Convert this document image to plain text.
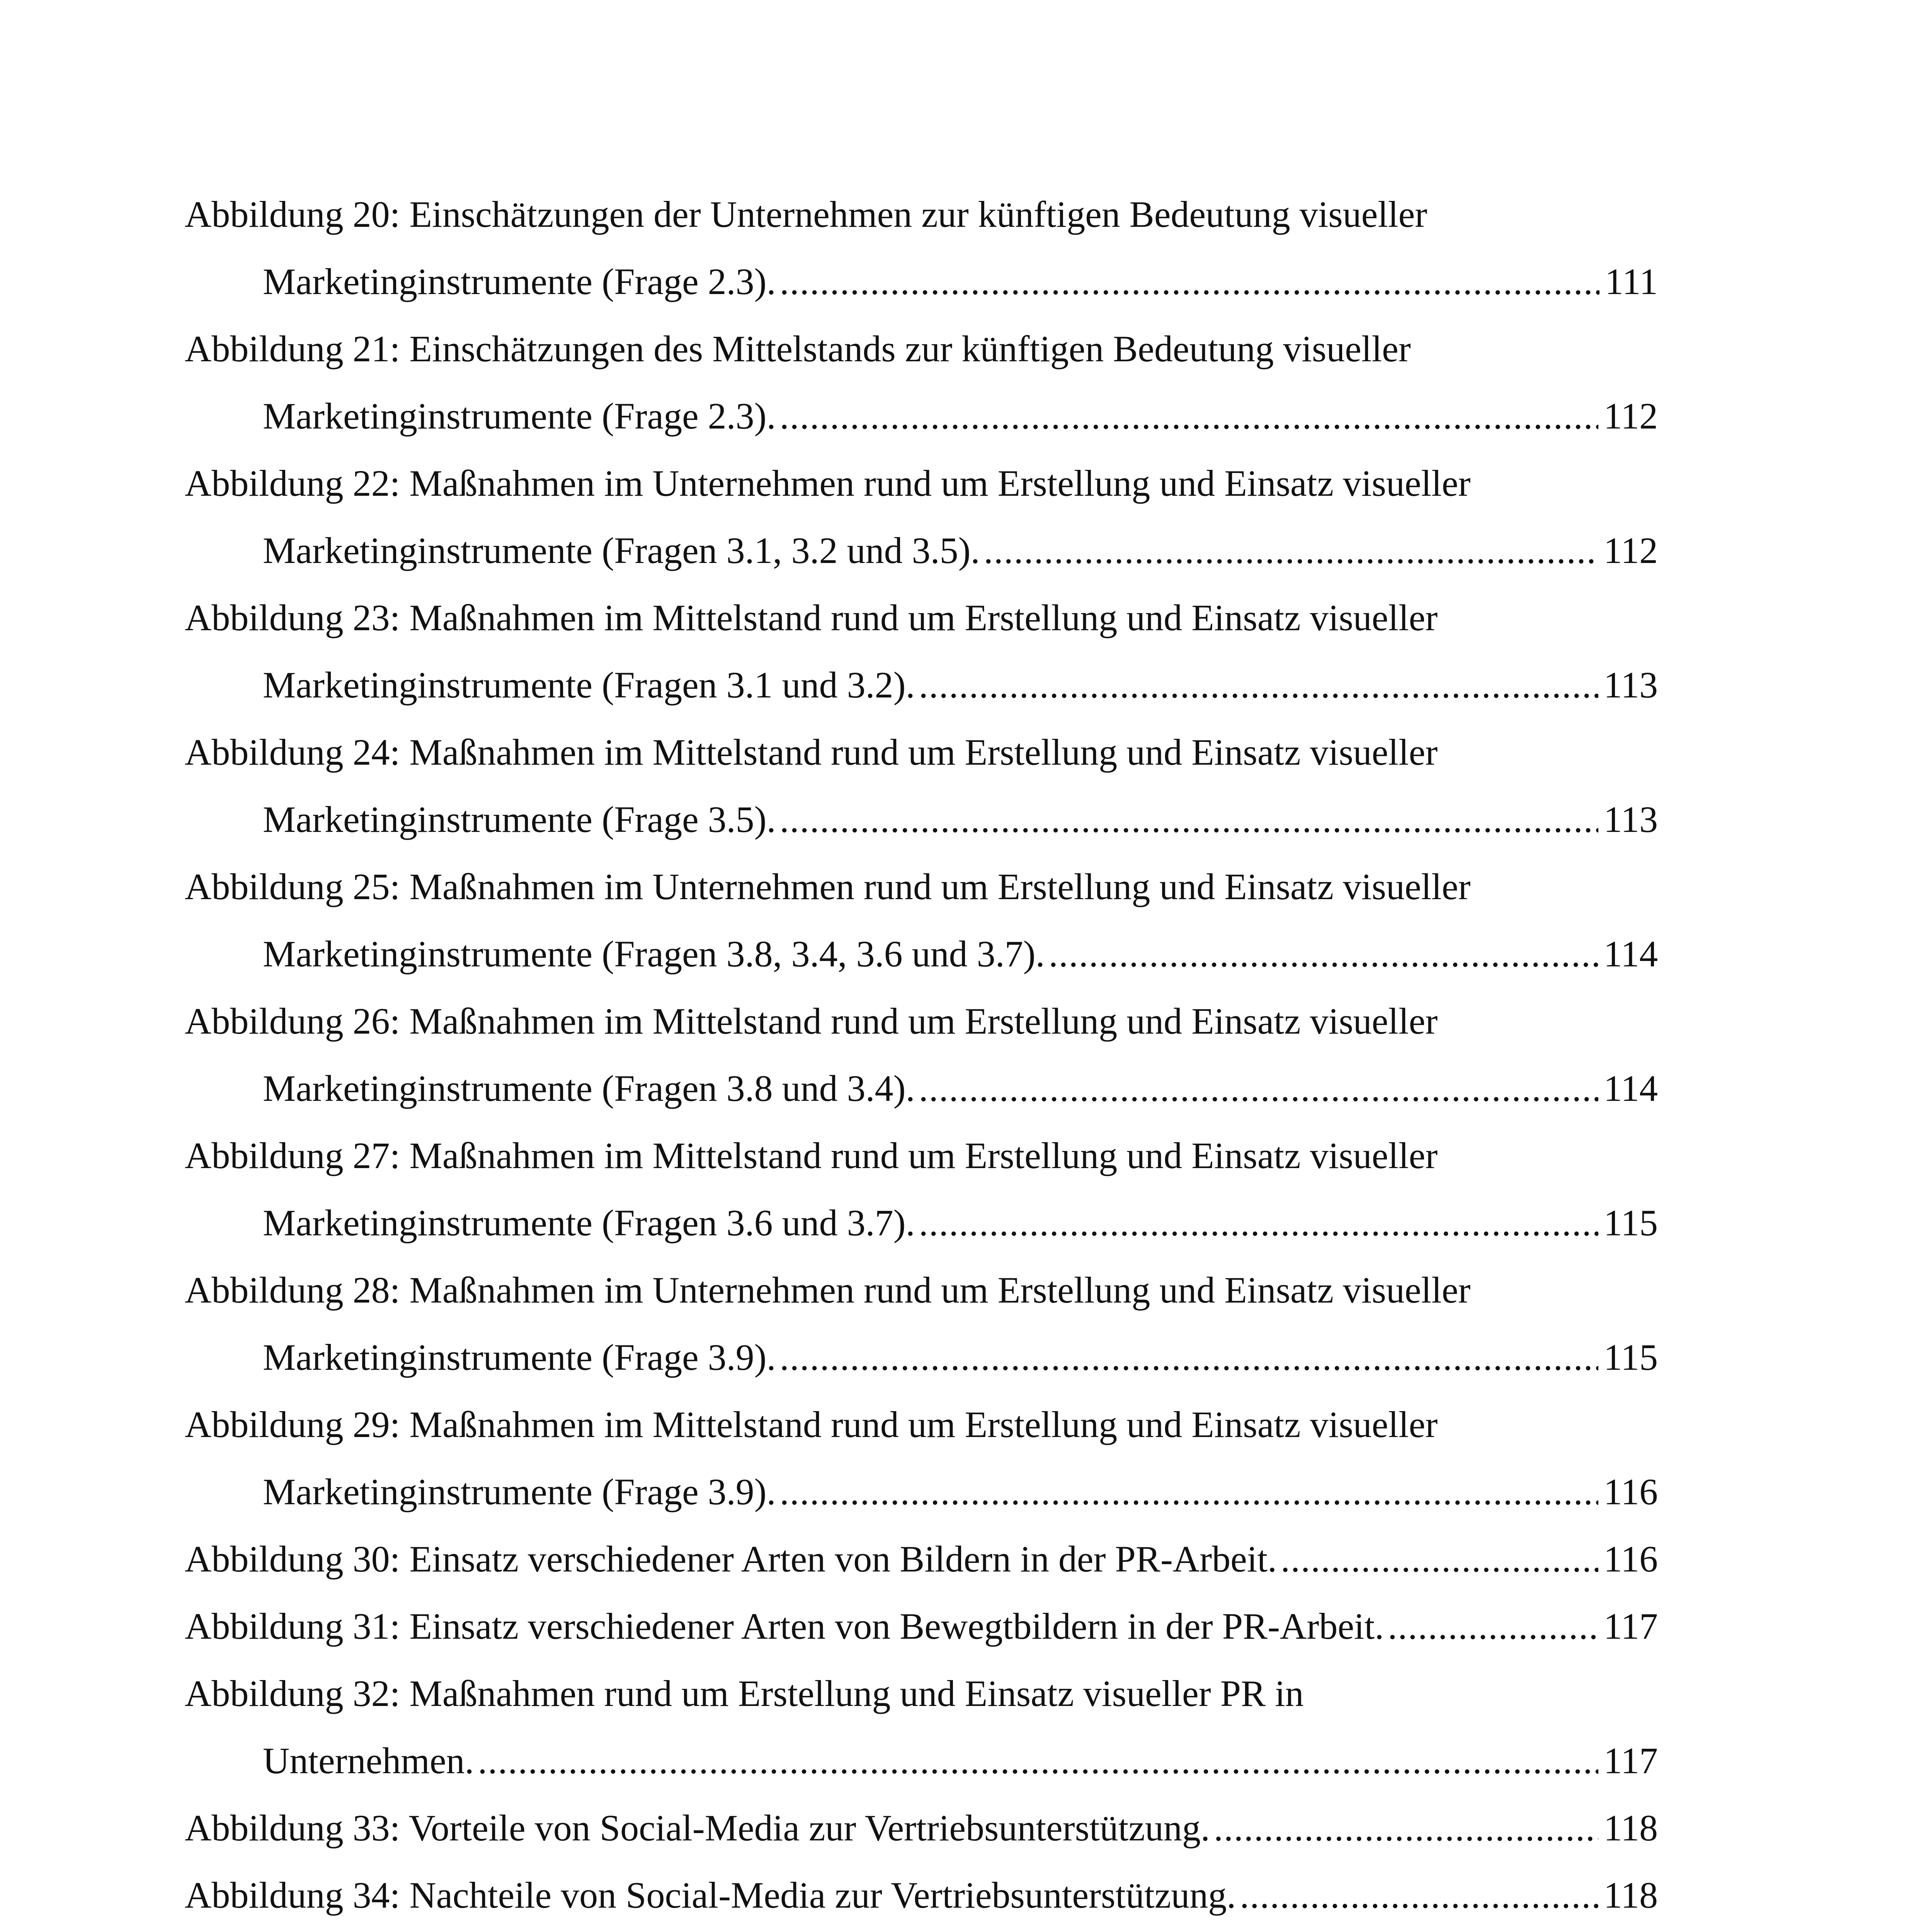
Abbildung 20: Einschätzungen der Unternehmen zur künftigen Bedeutung visueller
Marketinginstrumente (Frage 2.3). .....	111
Abbildung 21: Einschätzungen des Mittelstands zur künftigen Bedeutung visueller
Marketinginstrumente (Frage 2.3). .....	112
Abbildung 22: Maßnahmen im Unternehmen rund um Erstellung und Einsatz visueller
Marketinginstrumente (Fragen 3.1, 3.2 und 3.5). .....	112
Abbildung 23: Maßnahmen im Mittelstand rund um Erstellung und Einsatz visueller
Marketinginstrumente (Fragen 3.1 und 3.2). .....	113
Abbildung 24: Maßnahmen im Mittelstand rund um Erstellung und Einsatz visueller
Marketinginstrumente (Frage 3.5). .....	113
Abbildung 25: Maßnahmen im Unternehmen rund um Erstellung und Einsatz visueller
Marketinginstrumente (Fragen 3.8, 3.4, 3.6 und 3.7). .....	114
Abbildung 26: Maßnahmen im Mittelstand rund um Erstellung und Einsatz visueller
Marketinginstrumente (Fragen 3.8 und 3.4). .....	114
Abbildung 27: Maßnahmen im Mittelstand rund um Erstellung und Einsatz visueller
Marketinginstrumente (Fragen 3.6 und 3.7). .....	115
Abbildung 28: Maßnahmen im Unternehmen rund um Erstellung und Einsatz visueller
Marketinginstrumente (Frage 3.9). .....	115
Abbildung 29: Maßnahmen im Mittelstand rund um Erstellung und Einsatz visueller
Marketinginstrumente (Frage 3.9). .....	116
Abbildung 30: Einsatz verschiedener Arten von Bildern in der PR-Arbeit. .....	116
Abbildung 31: Einsatz verschiedener Arten von Bewegtbildern in der PR-Arbeit. .....	117
Abbildung 32: Maßnahmen rund um Erstellung und Einsatz visueller PR in
Unternehmen. .....	117
Abbildung 33: Vorteile von Social-Media zur Vertriebsunterstützung. .....	118
Abbildung 34: Nachteile von Social-Media zur Vertriebsunterstützung. .....	118
.....
